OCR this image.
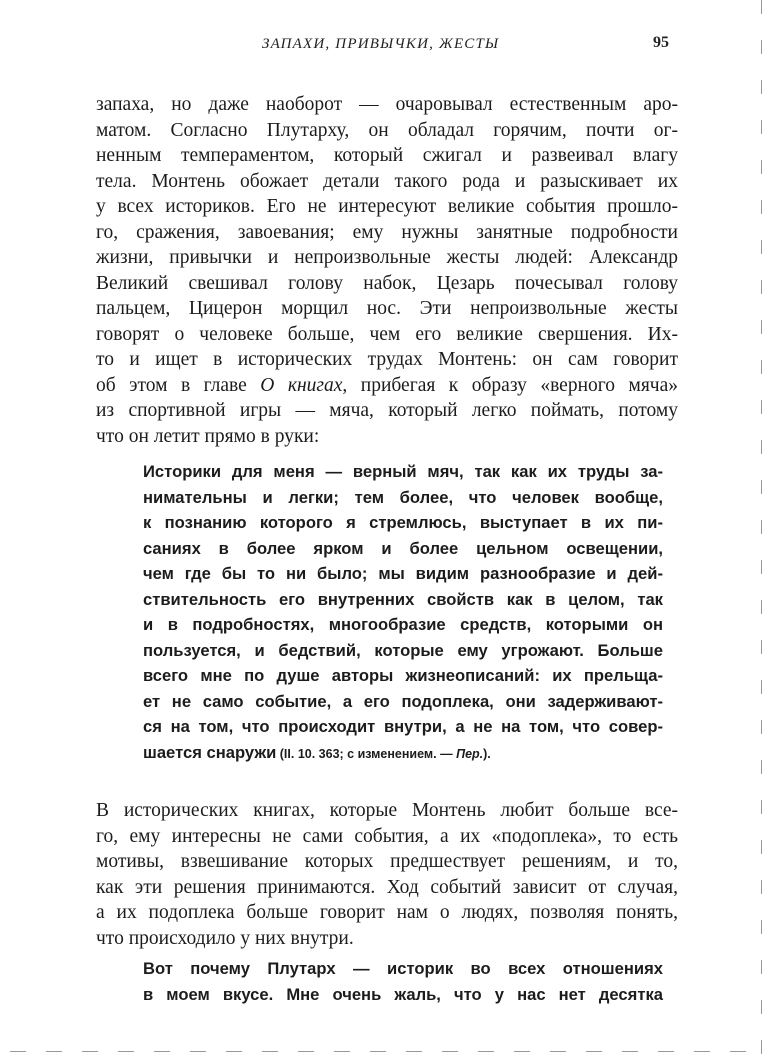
ЗАПАХИ, ПРИВЫЧКИ, ЖЕСТЫ	95
запаха, но даже наоборот — очаровывал естественным аро-
матом. Согласно Плутарху, он обладал горячим, почти ог-
ненным темпераментом, который сжигал и развеивал влагу
тела. Монтень обожает детали такого рода и разыскивает их
у всех историков. Его не интересуют великие события прошло-
го, сражения, завоевания; ему нужны занятные подробности
жизни, привычки и непроизвольные жесты людей: Александр
Великий свешивал голову набок, Цезарь почесывал голову
пальцем, Цицерон морщил нос. Эти непроизвольные жесты
говорят о человеке больше, чем его великие свершения. Их-
то и ищет в исторических трудах Монтень: он сам говорит
об этом в главе О книгах, прибегая к образу «верного мяча»
из спортивной игры — мяча, который легко поймать, потому
что он летит прямо в руки:
Историки для меня — верный мяч, так как их труды за-
нимательны и легки; тем более, что человек вообще,
к познанию которого я стремлюсь, выступает в их пи-
саниях в более ярком и более цельном освещении,
чем где бы то ни было; мы видим разнообразие и дей-
ствительность его внутренних свойств как в целом, так
и в подробностях, многообразие средств, которыми он
пользуется, и бедствий, которые ему угрожают. Больше
всего мне по душе авторы жизнеописаний: их прельща-
ет не само событие, а его подоплека, они задерживают-
ся на том, что происходит внутри, а не на том, что совер-
шается снаружи (II. 10. 363; с изменением. — Пер.).
В исторических книгах, которые Монтень любит больше все-
го, ему интересны не сами события, а их «подоплека», то есть
мотивы, взвешивание которых предшествует решениям, и то,
как эти решения принимаются. Ход событий зависит от случая,
а их подоплека больше говорит нам о людях, позволяя понять,
что происходило у них внутри.
Вот почему Плутарх — историк во всех отношениях
в моем вкусе. Мне очень жаль, что у нас нет десятка
